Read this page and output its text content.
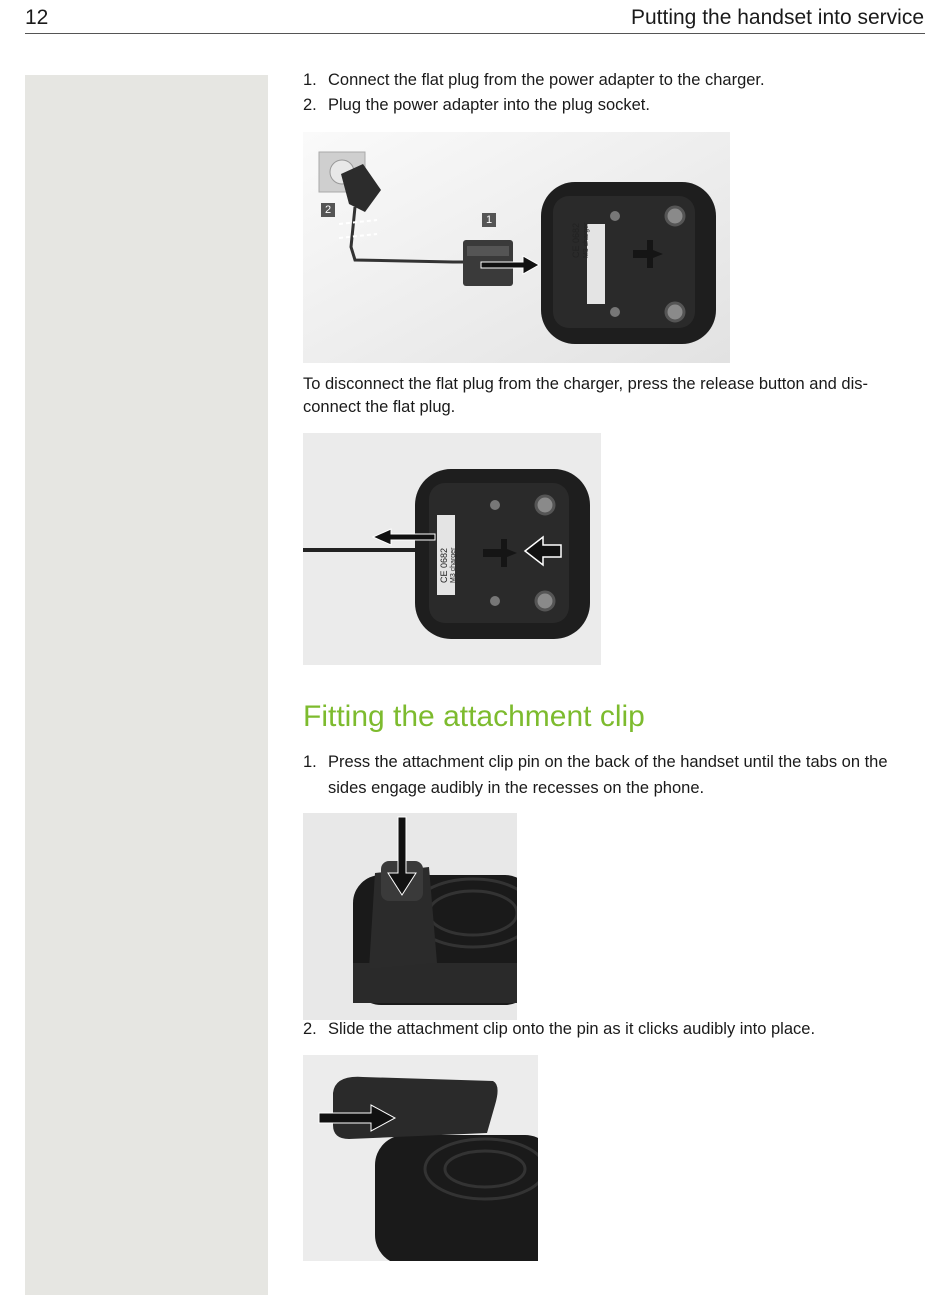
12	Putting the handset into service
1. Connect the flat plug from the power adapter to the charger.
2. Plug the power adapter into the plug socket.
2
1
CE 0682 M3 charger
To disconnect the flat plug from the charger, press the release button and dis-connect the flat plug.
CE 0682 M3 charger
Fitting the attachment clip
1. Press the attachment clip pin on the back of the handset until the tabs on the sides engage audibly in the recesses on the phone.
2. Slide the attachment clip onto the pin as it clicks audibly into place.
